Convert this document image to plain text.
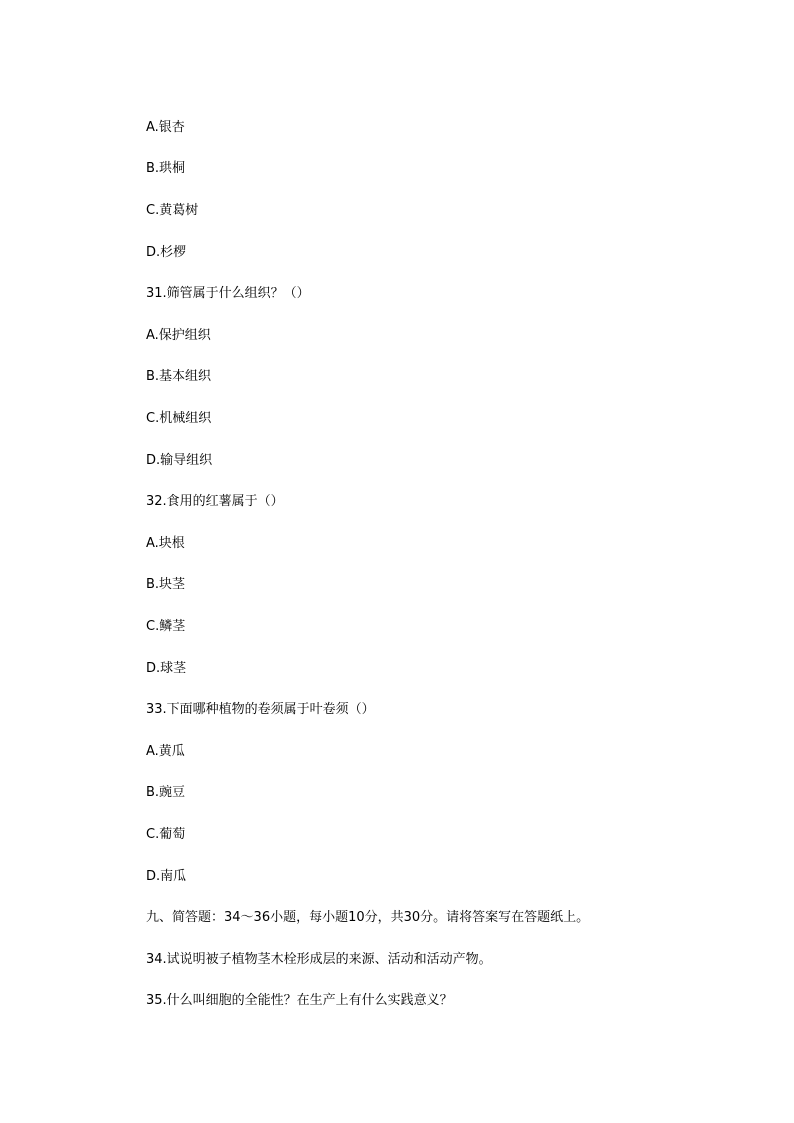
A.银杏
B.珙桐
C.黄葛树
D.杉椤
31.筛管属于什么组织？（）
A.保护组织
B.基本组织
C.机械组织
D.输导组织
32.食用的红薯属于（）
A.块根
B.块茎
C.鳞茎
D.球茎
33.下面哪种植物的卷须属于叶卷须（）
A.黄瓜
B.豌豆
C.葡萄
D.南瓜
九、简答题：34～36小题，每小题10分，共30分。请将答案写在答题纸上。
34.试说明被子植物茎木栓形成层的来源、活动和活动产物。
35.什么叫细胞的全能性？在生产上有什么实践意义？
